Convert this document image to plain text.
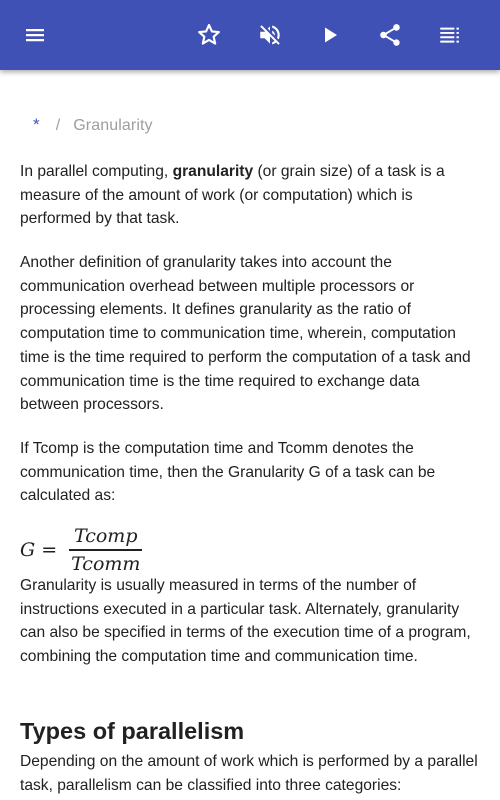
* / Granularity

In parallel computing, granularity (or grain size) of a task is a measure of the amount of work (or computation) which is performed by that task.

Another definition of granularity takes into account the communication overhead between multiple processors or processing elements. It defines granularity as the ratio of computation time to communication time, wherein, computation time is the time required to perform the computation of a task and communication time is the time required to exchange data between processors.

If Tcomp is the computation time and Tcomm denotes the communication time, then the Granularity G of a task can be calculated as:

$G = \frac{\text{Tcomp}}{\text{Tcomm}}$

Granularity is usually measured in terms of the number of instructions executed in a particular task. Alternately, granularity can also be specified in terms of the execution time of a program, combining the computation time and communication time.

Types of parallelism

Depending on the amount of work which is performed by a parallel task, parallelism can be classified into three categories:
